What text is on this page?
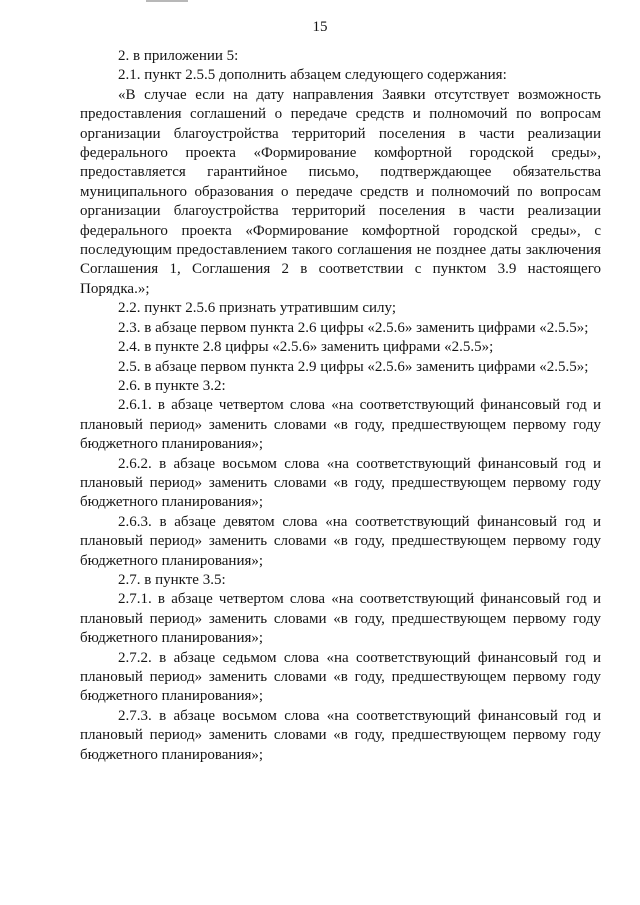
15

2. в приложении 5:

2.1. пункт 2.5.5 дополнить абзацем следующего содержания:

«В случае если на дату направления Заявки отсутствует возможность предоставления соглашений о передаче средств и полномочий по вопросам организации благоустройства территорий поселения в части реализации федерального проекта «Формирование комфортной городской среды», предоставляется гарантийное письмо, подтверждающее обязательства муниципального образования о передаче средств и полномочий по вопросам организации благоустройства территорий поселения в части реализации федерального проекта «Формирование комфортной городской среды», с последующим предоставлением такого соглашения не позднее даты заключения Соглашения 1, Соглашения 2 в соответствии с пунктом 3.9 настоящего Порядка.»;

2.2. пункт 2.5.6 признать утратившим силу;

2.3. в абзаце первом пункта 2.6 цифры «2.5.6» заменить цифрами «2.5.5»;

2.4. в пункте 2.8 цифры «2.5.6» заменить цифрами «2.5.5»;

2.5. в абзаце первом пункта 2.9 цифры «2.5.6» заменить цифрами «2.5.5»;

2.6. в пункте 3.2:

2.6.1. в абзаце четвертом слова «на соответствующий финансовый год и плановый период» заменить словами «в году, предшествующем первому году бюджетного планирования»;

2.6.2. в абзаце восьмом слова «на соответствующий финансовый год и плановый период» заменить словами «в году, предшествующем первому году бюджетного планирования»;

2.6.3. в абзаце девятом слова «на соответствующий финансовый год и плановый период» заменить словами «в году, предшествующем первому году бюджетного планирования»;

2.7. в пункте 3.5:

2.7.1. в абзаце четвертом слова «на соответствующий финансовый год и плановый период» заменить словами «в году, предшествующем первому году бюджетного планирования»;

2.7.2. в абзаце седьмом слова «на соответствующий финансовый год и плановый период» заменить словами «в году, предшествующем первому году бюджетного планирования»;

2.7.3. в абзаце восьмом слова «на соответствующий финансовый год и плановый период» заменить словами «в году, предшествующем первому году бюджетного планирования»;
